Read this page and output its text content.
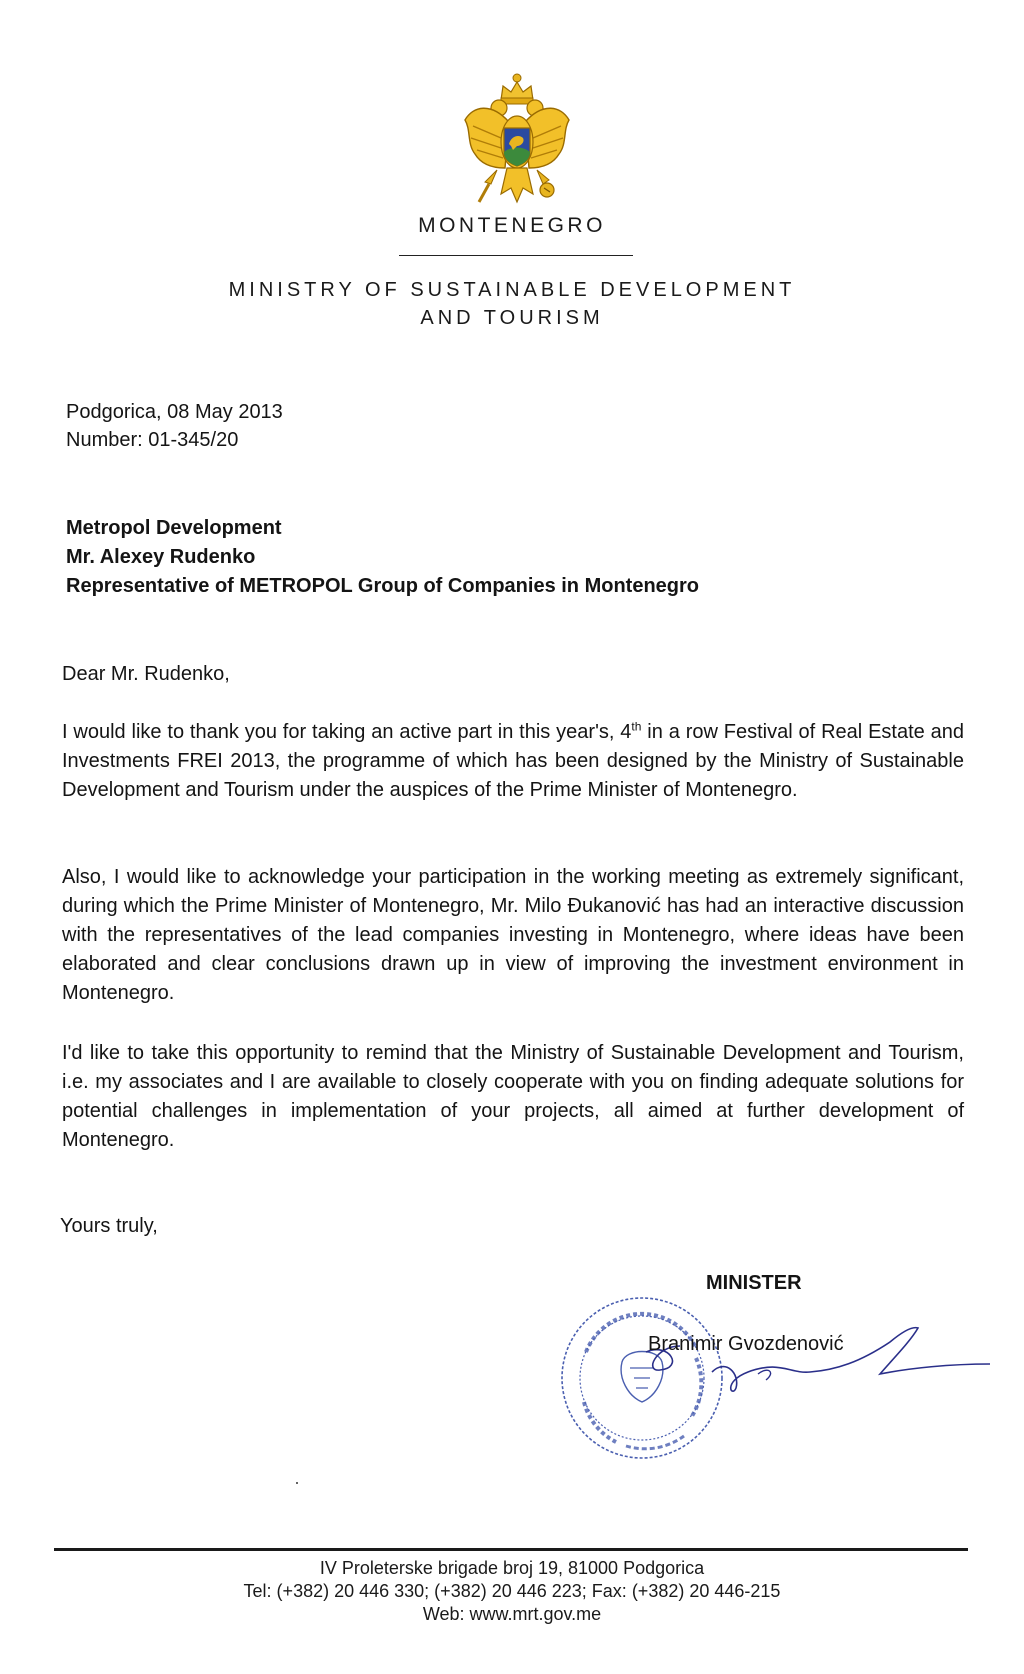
MONTENEGRO
MINISTRY OF SUSTAINABLE DEVELOPMENT
AND TOURISM
Podgorica, 08 May 2013
Number: 01-345/20
Metropol Development
Mr. Alexey Rudenko
Representative of METROPOL Group of Companies in Montenegro
Dear Mr. Rudenko,
I would like to thank you for taking an active part in this year's, 4th in a row Festival of Real Estate and Investments FREI 2013, the programme of which has been designed by the Ministry of Sustainable Development and Tourism under the auspices of the Prime Minister of Montenegro.
Also, I would like to acknowledge your participation in the working meeting as extremely significant, during which the Prime Minister of Montenegro, Mr. Milo Đukanović has had an interactive discussion with the representatives of the lead companies investing in Montenegro, where ideas have been elaborated and clear conclusions drawn up in view of improving the investment environment in Montenegro.
I'd like to take this opportunity to remind that the Ministry of Sustainable Development and Tourism, i.e. my associates and I are available to closely cooperate with you on finding adequate solutions for potential challenges in implementation of your projects, all aimed at further development of Montenegro.
Yours truly,
MINISTER
Branimir Gvozdenović
IV Proleterske brigade broj 19, 81000 Podgorica
Tel: (+382) 20 446 330; (+382) 20 446 223; Fax: (+382) 20 446-215
Web: www.mrt.gov.me
